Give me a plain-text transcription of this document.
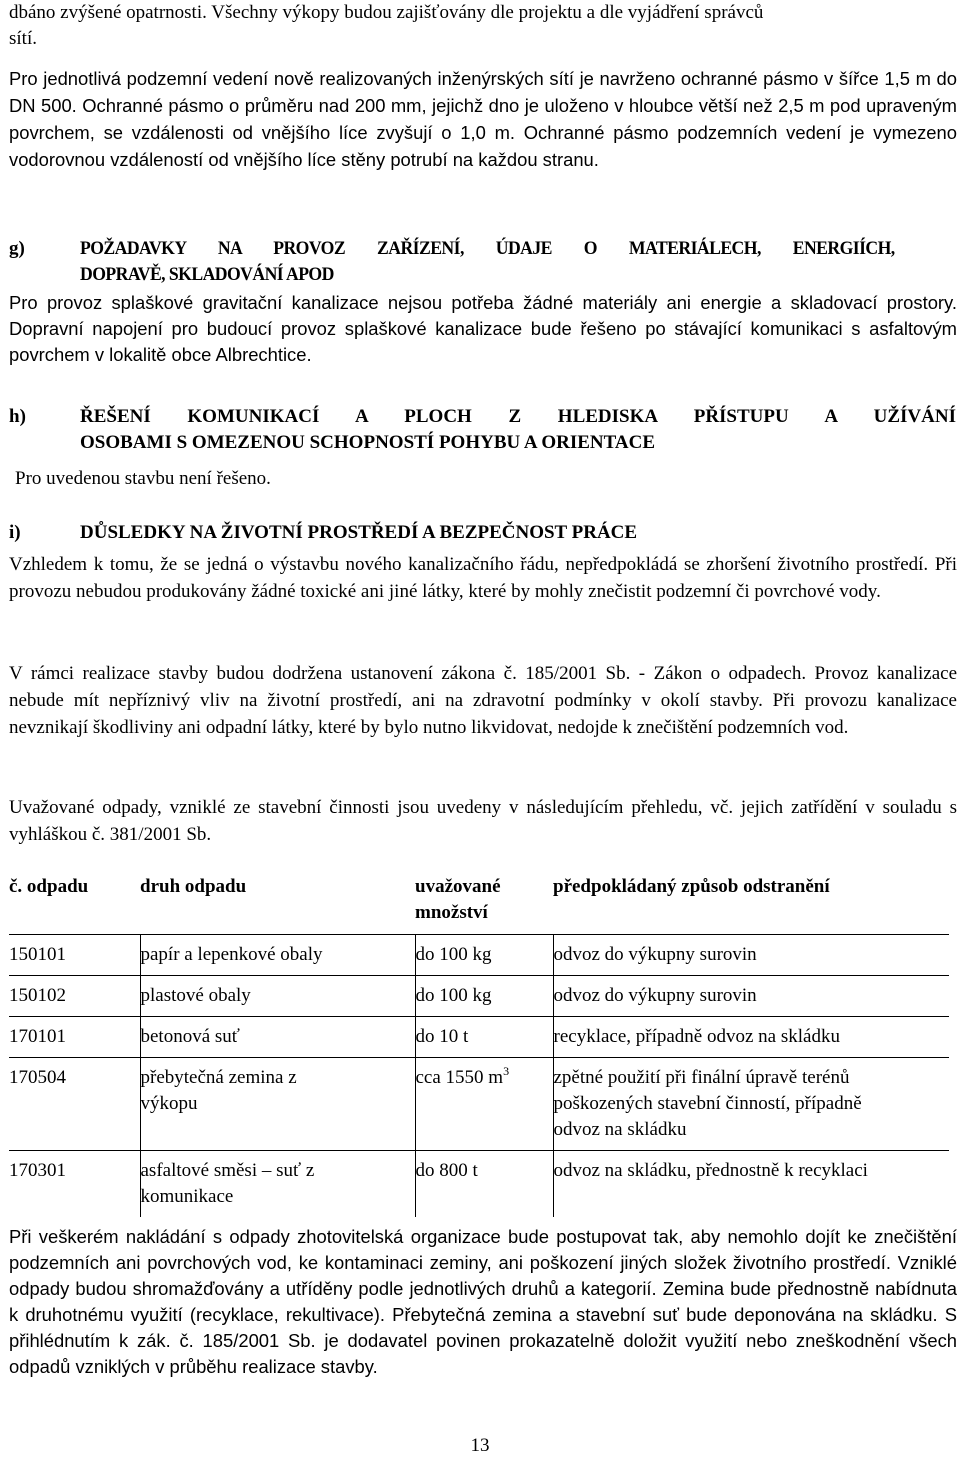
dbáno zvýšené opatrnosti. Všechny výkopy budou zajišťovány dle projektu a dle vyjádření správců
sítí.

Pro jednotlivá podzemní vedení nově realizovaných inženýrských sítí je navrženo ochranné pásmo v šířce 1,5 m do DN 500. Ochranné pásmo o průměru nad 200 mm, jejichž dno je uloženo v hloubce větší než 2,5 m pod upraveným povrchem, se vzdálenosti od vnějšího líce zvyšují o 1,0 m. Ochranné pásmo podzemních vedení je vymezeno vodorovnou vzdáleností od vnějšího líce stěny potrubí na každou stranu.

g)	POŽADAVKY NA PROVOZ ZAŘÍZENÍ, ÚDAJE O MATERIÁLECH, ENERGIÍCH,
DOPRAVĚ, SKLADOVÁNÍ APOD

Pro provoz splaškové gravitační kanalizace nejsou potřeba žádné materiály ani energie a skladovací prostory. Dopravní napojení pro budoucí provoz splaškové kanalizace bude řešeno po stávající komunikaci s asfaltovým povrchem v lokalitě obce Albrechtice.

h)	ŘEŠENÍ KOMUNIKACÍ A PLOCH Z HLEDISKA PŘÍSTUPU A UŽÍVÁNÍ
OSOBAMI S OMEZENOU SCHOPNOSTÍ POHYBU A ORIENTACE

Pro uvedenou stavbu není řešeno.

i)	DŮSLEDKY NA ŽIVOTNÍ PROSTŘEDÍ A BEZPEČNOST PRÁCE

Vzhledem k tomu, že se jedná o výstavbu nového kanalizačního řádu, nepředpokládá se zhoršení životního prostředí. Při provozu nebudou produkovány žádné toxické ani jiné látky, které by mohly znečistit podzemní či povrchové vody.

V rámci realizace stavby budou dodržena ustanovení zákona č. 185/2001 Sb. - Zákon o odpadech. Provoz kanalizace nebude mít nepříznivý vliv na životní prostředí, ani na zdravotní podmínky v okolí stavby. Při provozu kanalizace nevznikají škodliviny ani odpadní látky, které by bylo nutno likvidovat, nedojde k znečištění podzemních vod.

Uvažované odpady, vzniklé ze stavební činnosti jsou uvedeny v následujícím přehledu, vč. jejich zatřídění v souladu s vyhláškou č. 381/2001 Sb.

č. odpadu	druh odpadu	uvažované množství	předpokládaný způsob odstranění
150101	papír a lepenkové obaly	do 100 kg	odvoz do výkupny surovin
150102	plastové obaly	do 100 kg	odvoz do výkupny surovin
170101	betonová suť	do 10 t	recyklace, případně odvoz na skládku
170504	přebytečná zemina z výkopu	cca 1550 $m^3$	zpětné použití při finální úpravě terénů poškozených stavební činností, případně odvoz na skládku
170301	asfaltové směsi – suť z komunikace	do 800 t	odvoz na skládku, přednostně k recyklaci

Při veškerém nakládání s odpady zhotovitelská organizace bude postupovat tak, aby nemohlo dojít ke znečištění podzemních ani povrchových vod, ke kontaminaci zeminy, ani poškození jiných složek životního prostředí. Vzniklé odpady budou shromažďovány a utříděny podle jednotlivých druhů a kategorií. Zemina bude přednostně nabídnuta k druhotnému využití (recyklace, rekultivace). Přebytečná zemina a stavební suť bude deponována na skládku. S přihlédnutím k zák. č. 185/2001 Sb. je dodavatel povinen prokazatelně doložit využití nebo zneškodnění všech odpadů vzniklých v průběhu realizace stavby.

13
